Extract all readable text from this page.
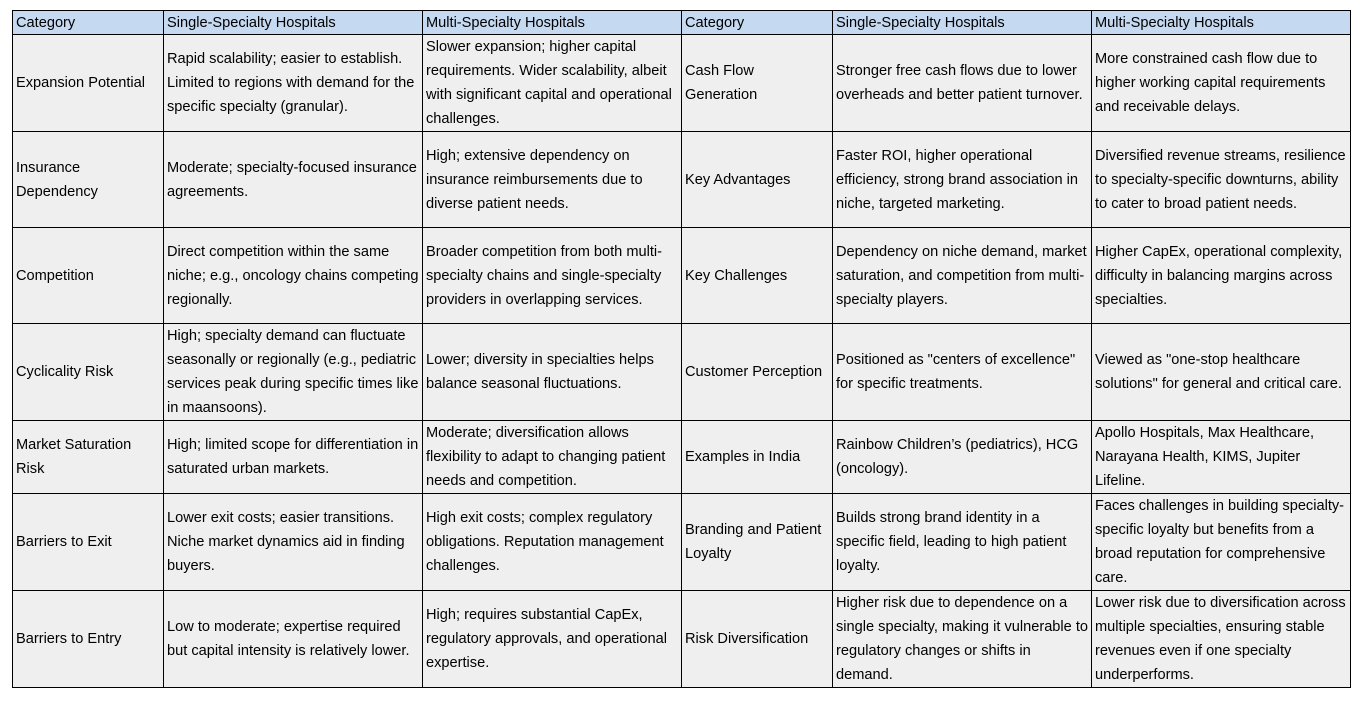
Category	Single-Specialty Hospitals	Multi-Specialty Hospitals	Category	Single-Specialty Hospitals	Multi-Specialty Hospitals
Expansion Potential	Rapid scalability; easier to establish. Limited to regions with demand for the specific specialty (granular).	Slower expansion; higher capital requirements. Wider scalability, albeit with significant capital and operational challenges.	Cash Flow Generation	Stronger free cash flows due to lower overheads and better patient turnover.	More constrained cash flow due to higher working capital requirements and receivable delays.
Insurance Dependency	Moderate; specialty-focused insurance agreements.	High; extensive dependency on insurance reimbursements due to diverse patient needs.	Key Advantages	Faster ROI, higher operational efficiency, strong brand association in niche, targeted marketing.	Diversified revenue streams, resilience to specialty-specific downturns, ability to cater to broad patient needs.
Competition	Direct competition within the same niche; e.g., oncology chains competing regionally.	Broader competition from both multi-specialty chains and single-specialty providers in overlapping services.	Key Challenges	Dependency on niche demand, market saturation, and competition from multi-specialty players.	Higher CapEx, operational complexity, difficulty in balancing margins across specialties.
Cyclicality Risk	High; specialty demand can fluctuate seasonally or regionally (e.g., pediatric services peak during specific times like in maansoons).	Lower; diversity in specialties helps balance seasonal fluctuations.	Customer Perception	Positioned as "centers of excellence" for specific treatments.	Viewed as "one-stop healthcare solutions" for general and critical care.
Market Saturation Risk	High; limited scope for differentiation in saturated urban markets.	Moderate; diversification allows flexibility to adapt to changing patient needs and competition.	Examples in India	Rainbow Children’s (pediatrics), HCG (oncology).	Apollo Hospitals, Max Healthcare, Narayana Health, KIMS, Jupiter Lifeline.
Barriers to Exit	Lower exit costs; easier transitions. Niche market dynamics aid in finding buyers.	High exit costs; complex regulatory obligations. Reputation management challenges.	Branding and Patient Loyalty	Builds strong brand identity in a specific field, leading to high patient loyalty.	Faces challenges in building specialty-specific loyalty but benefits from a broad reputation for comprehensive care.
Barriers to Entry	Low to moderate; expertise required but capital intensity is relatively lower.	High; requires substantial CapEx, regulatory approvals, and operational expertise.	Risk Diversification	Higher risk due to dependence on a single specialty, making it vulnerable to regulatory changes or shifts in demand.	Lower risk due to diversification across multiple specialties, ensuring stable revenues even if one specialty underperforms.
